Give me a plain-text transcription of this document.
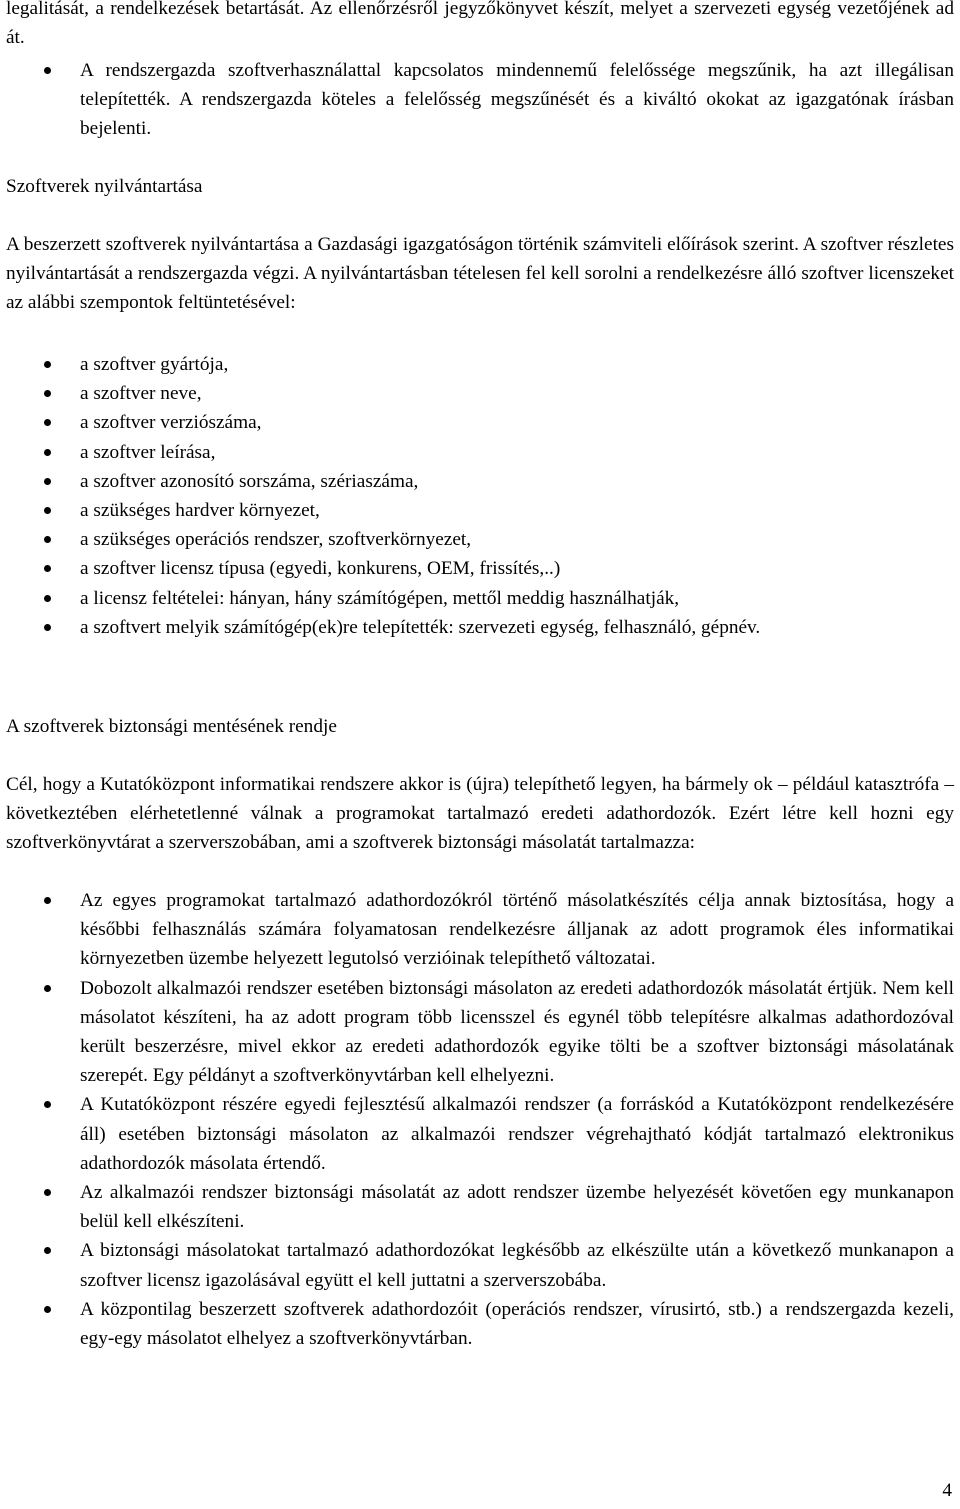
legalitását, a rendelkezések betartását. Az ellenőrzésről jegyzőkönyvet készít, melyet a szervezeti egység vezetőjének ad át.
A rendszergazda szoftverhasználattal kapcsolatos mindennemű felelőssége megszűnik, ha azt illegálisan telepítették. A rendszergazda köteles a felelősség megszűnését és a kiváltó okokat az igazgatónak írásban bejelenti.
Szoftverek nyilvántartása
A beszerzett szoftverek nyilvántartása a Gazdasági igazgatóságon történik számviteli előírások szerint. A szoftver részletes nyilvántartását a rendszergazda végzi. A nyilvántartásban tételesen fel kell sorolni a rendelkezésre álló szoftver licenszeket az alábbi szempontok feltüntetésével:
a szoftver gyártója,
a szoftver neve,
a szoftver verziószáma,
a szoftver leírása,
a szoftver azonosító sorszáma, szériaszáma,
a szükséges hardver környezet,
a szükséges operációs rendszer, szoftverkörnyezet,
a szoftver licensz típusa (egyedi, konkurens, OEM, frissítés,..)
a licensz feltételei: hányan, hány számítógépen, mettől meddig használhatják,
a szoftvert melyik számítógép(ek)re telepítették: szervezeti egység, felhasználó, gépnév.
A szoftverek biztonsági mentésének rendje
Cél, hogy a Kutatóközpont informatikai rendszere akkor is (újra) telepíthető legyen, ha bármely ok – például katasztrófa – következtében elérhetetlenné válnak a programokat tartalmazó eredeti adathordozók. Ezért létre kell hozni egy szoftverkönyvtárat a szerverszobában, ami a szoftverek biztonsági másolatát tartalmazza:
Az egyes programokat tartalmazó adathordozókról történő másolatkészítés célja annak biztosítása, hogy a későbbi felhasználás számára folyamatosan rendelkezésre álljanak az adott programok éles informatikai környezetben üzembe helyezett legutolsó verzióinak telepíthető változatai.
Dobozolt alkalmazói rendszer esetében biztonsági másolaton az eredeti adathordozók másolatát értjük. Nem kell másolatot készíteni, ha az adott program több licensszel és egynél több telepítésre alkalmas adathordozóval került beszerzésre, mivel ekkor az eredeti adathordozók egyike tölti be a szoftver biztonsági másolatának szerepét. Egy példányt a szoftverkönyvtárban kell elhelyezni.
A Kutatóközpont részére egyedi fejlesztésű alkalmazói rendszer (a forráskód a Kutatóközpont rendelkezésére áll) esetében biztonsági másolaton az alkalmazói rendszer végrehajtható kódját tartalmazó elektronikus adathordozók másolata értendő.
Az alkalmazói rendszer biztonsági másolatát az adott rendszer üzembe helyezését követően egy munkanapon belül kell elkészíteni.
A biztonsági másolatokat tartalmazó adathordozókat legkésőbb az elkészülte után a következő munkanapon a szoftver licensz igazolásával együtt el kell juttatni a szerverszobába.
A központilag beszerzett szoftverek adathordozóit (operációs rendszer, vírusirtó, stb.) a rendszergazda kezeli, egy-egy másolatot elhelyez a szoftverkönyvtárban.
4
